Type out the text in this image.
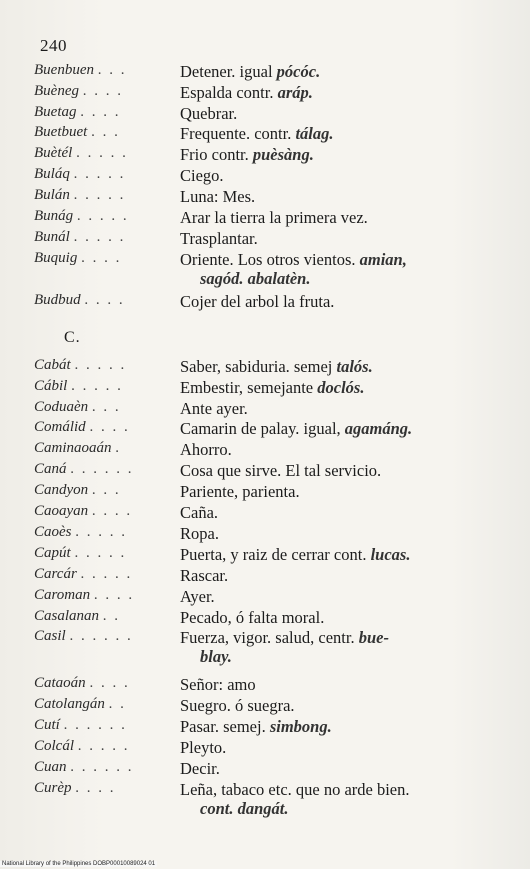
240
C.
Buenbuen . . .	Detener. igual pócóc.
Buèneg . . . .	Espalda contr. aráp.
Buetag . . . .	Quebrar.
Buetbuet . . .	Frequente. contr. tálag.
Buètél . . . . .	Frio contr. puèsàng.
Buláq . . . . .	Ciego.
Bulán . . . . .	Luna: Mes.
Bunág . . . . .	Arar la tierra la primera vez.
Bunál . . . . .	Trasplantar.
Buquig . . . .	Oriente. Los otros vientos. amian,
sagód. abalatèn.
Budbud . . . .	Cojer del arbol la fruta.
Cabát . . . . .	Saber, sabiduria. semej talós.
Cábil . . . . .	Embestir, semejante doclós.
Coduaèn . . .	Ante ayer.
Comálid . . . .	Camarin de palay. igual, agamáng.
Caminaoaán .	Ahorro.
Caná . . . . . .	Cosa que sirve. El tal servicio.
Candyon . . .	Pariente, parienta.
Caoayan . . . .	Caña.
Caoès . . . . .	Ropa.
Capút . . . . .	Puerta, y raiz de cerrar cont. lucas.
Carcár . . . . .	Rascar.
Caroman . . . .	Ayer.
Casalanan . .	Pecado, ó falta moral.
Casil . . . . . .	Fuerza, vigor. salud, centr. bue-
blay.
Cataoán . . . .	Señor: amo
Catolangán . .	Suegro. ó suegra.
Cutí . . . . . .	Pasar. semej. simbong.
Colcál . . . . .	Pleyto.
Cuan . . . . . .	Decir.
Curèp . . . .	Leña, tabaco etc. que no arde bien.
cont. dangát.
National Library of the Philippines DOBP00010089024 01
